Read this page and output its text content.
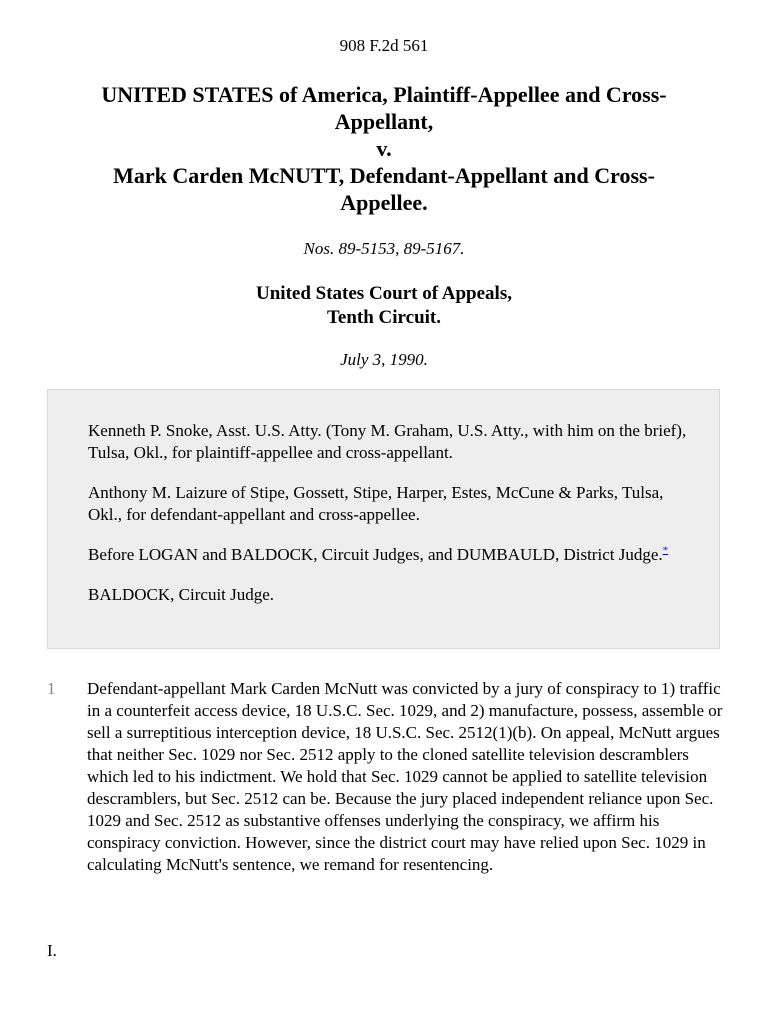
908 F.2d 561
UNITED STATES of America, Plaintiff-Appellee and Cross-
Appellant,
v.
Mark Carden McNUTT, Defendant-Appellant and Cross-
Appellee.
Nos. 89-5153, 89-5167.
United States Court of Appeals,
Tenth Circuit.
July 3, 1990.

Kenneth P. Snoke, Asst. U.S. Atty. (Tony M. Graham, U.S. Atty., with him on the brief), Tulsa, Okl., for plaintiff-appellee and cross-appellant.

Anthony M. Laizure of Stipe, Gossett, Stipe, Harper, Estes, McCune & Parks, Tulsa, Okl., for defendant-appellant and cross-appellee.

Before LOGAN and BALDOCK, Circuit Judges, and DUMBAULD, District Judge.*

BALDOCK, Circuit Judge.

1 Defendant-appellant Mark Carden McNutt was convicted by a jury of conspiracy to 1) traffic in a counterfeit access device, 18 U.S.C. Sec. 1029, and 2) manufacture, possess, assemble or sell a surreptitious interception device, 18 U.S.C. Sec. 2512(1)(b). On appeal, McNutt argues that neither Sec. 1029 nor Sec. 2512 apply to the cloned satellite television descramblers which led to his indictment. We hold that Sec. 1029 cannot be applied to satellite television descramblers, but Sec. 2512 can be. Because the jury placed independent reliance upon Sec. 1029 and Sec. 2512 as substantive offenses underlying the conspiracy, we affirm his conspiracy conviction. However, since the district court may have relied upon Sec. 1029 in calculating McNutt's sentence, we remand for resentencing.
I.
